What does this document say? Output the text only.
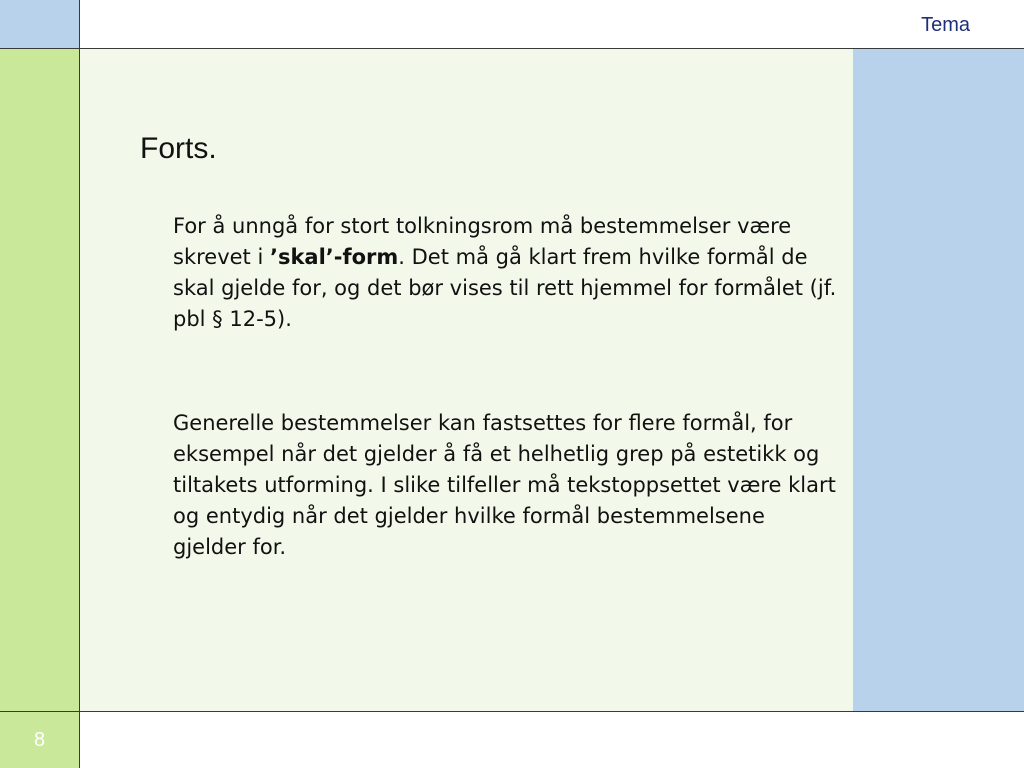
Tema
8
Forts.
For å unngå for stort tolkningsrom må bestemmelser være skrevet i ’skal’-form. Det må gå klart frem hvilke formål de skal gjelde for, og det bør vises til rett hjemmel for formålet (jf. pbl § 12-5).
Generelle bestemmelser kan fastsettes for flere formål, for eksempel når det gjelder å få et helhetlig grep på estetikk og tiltakets utforming. I slike tilfeller må tekstoppsettet være klart og entydig når det gjelder hvilke formål bestemmelsene gjelder for.
